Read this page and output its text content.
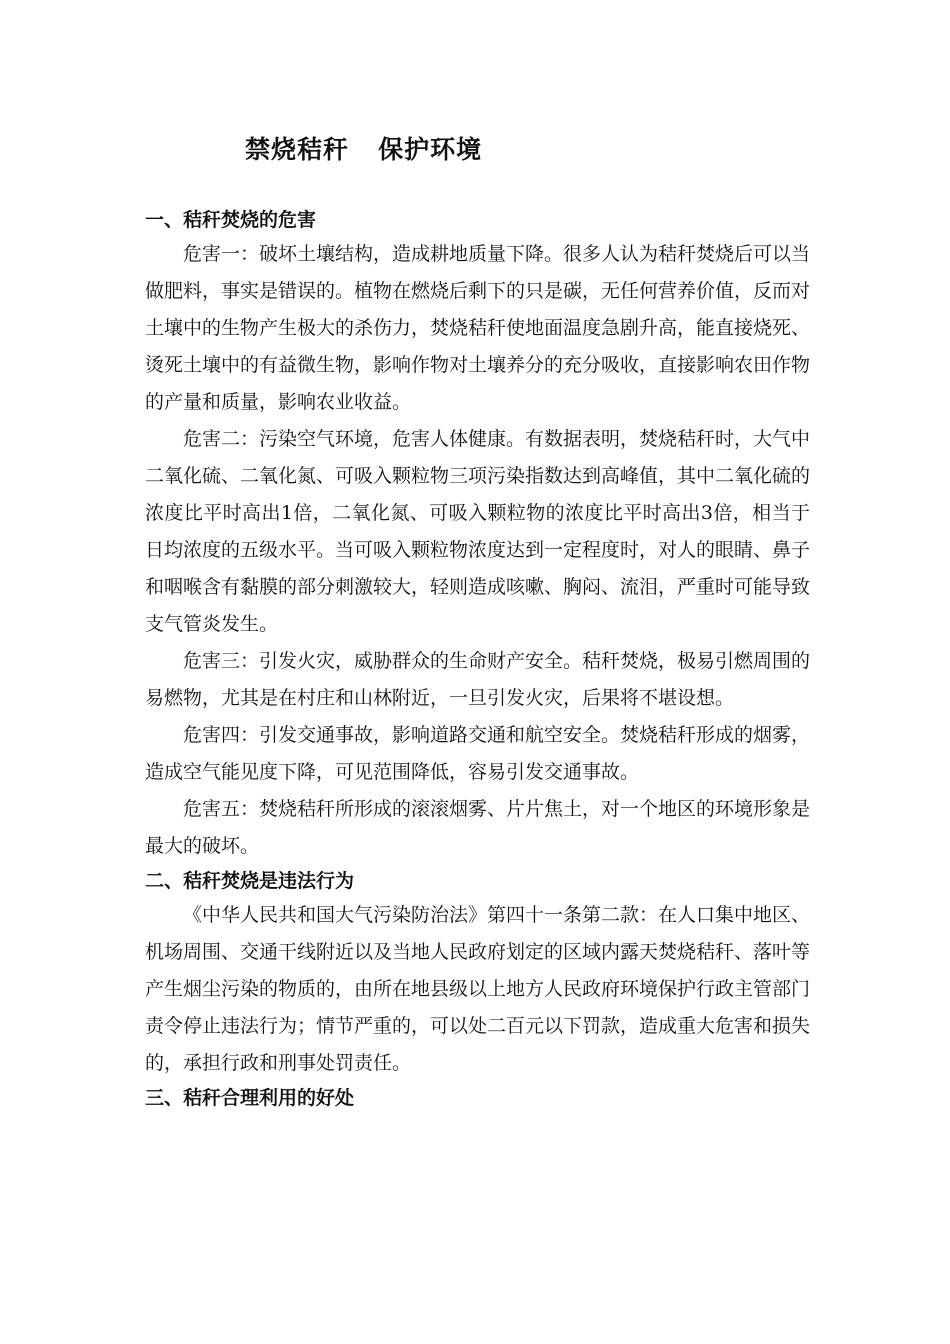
禁烧秸秆   保护环境
一、秸秆焚烧的危害

危害一：破坏土壤结构，造成耕地质量下降。很多人认为秸秆焚烧后可以当做肥料，事实是错误的。植物在燃烧后剩下的只是碳，无任何营养价值，反而对土壤中的生物产生极大的杀伤力，焚烧秸秆使地面温度急剧升高，能直接烧死、烫死土壤中的有益微生物，影响作物对土壤养分的充分吸收，直接影响农田作物的产量和质量，影响农业收益。

危害二：污染空气环境，危害人体健康。有数据表明，焚烧秸秆时，大气中二氧化硫、二氧化氮、可吸入颗粒物三项污染指数达到高峰值，其中二氧化硫的浓度比平时高出1倍，二氧化氮、可吸入颗粒物的浓度比平时高出3倍，相当于日均浓度的五级水平。当可吸入颗粒物浓度达到一定程度时，对人的眼睛、鼻子和咽喉含有黏膜的部分刺激较大，轻则造成咳嗽、胸闷、流泪，严重时可能导致支气管炎发生。

危害三：引发火灾，威胁群众的生命财产安全。秸秆焚烧，极易引燃周围的易燃物，尤其是在村庄和山林附近，一旦引发火灾，后果将不堪设想。

危害四：引发交通事故，影响道路交通和航空安全。焚烧秸秆形成的烟雾，造成空气能见度下降，可见范围降低，容易引发交通事故。

危害五：焚烧秸秆所形成的滚滚烟雾、片片焦土，对一个地区的环境形象是最大的破坏。

二、秸秆焚烧是违法行为

《中华人民共和国大气污染防治法》第四十一条第二款：在人口集中地区、机场周围、交通干线附近以及当地人民政府划定的区域内露天焚烧秸秆、落叶等产生烟尘污染的物质的，由所在地县级以上地方人民政府环境保护行政主管部门责令停止违法行为；情节严重的，可以处二百元以下罚款，造成重大危害和损失的，承担行政和刑事处罚责任。

三、秸秆合理利用的好处
